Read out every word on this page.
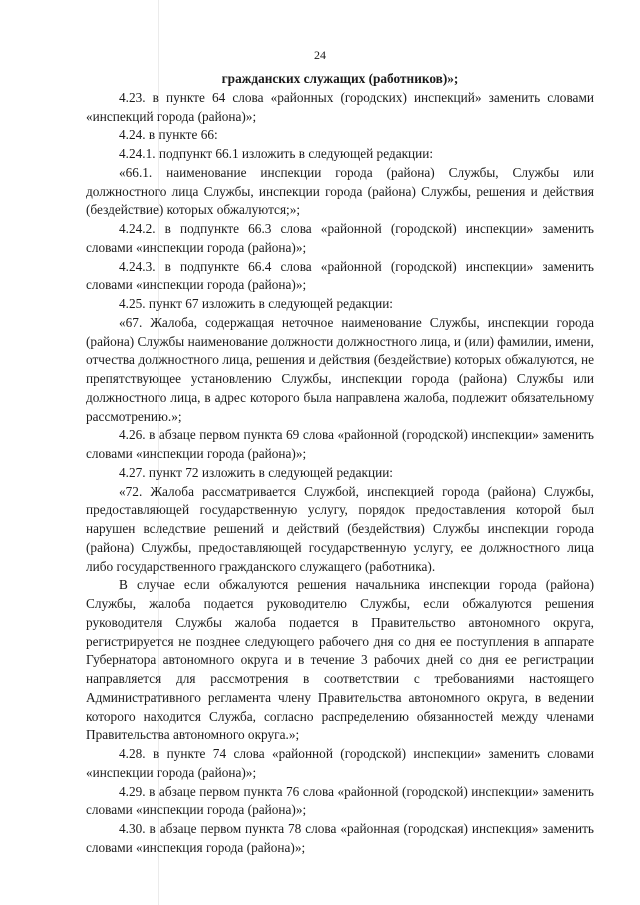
24

гражданских служащих (работников)»;

4.23. в пункте 64 слова «районных (городских) инспекций» заменить словами «инспекций города (района)»;

4.24. в пункте 66:

4.24.1. подпункт 66.1 изложить в следующей редакции:

«66.1. наименование инспекции города (района) Службы, Службы или должностного лица Службы, инспекции города (района) Службы, решения и действия (бездействие) которых обжалуются;»;

4.24.2. в подпункте 66.3 слова «районной (городской) инспекции» заменить словами «инспекции города (района)»;

4.24.3. в подпункте 66.4 слова «районной (городской) инспекции» заменить словами «инспекции города (района)»;

4.25. пункт 67 изложить в следующей редакции:

«67. Жалоба, содержащая неточное наименование Службы, инспекции города (района) Службы наименование должности должностного лица, и (или) фамилии, имени, отчества должностного лица, решения и действия (бездействие) которых обжалуются, не препятствующее установлению Службы, инспекции города (района) Службы или должностного лица, в адрес которого была направлена жалоба, подлежит обязательному рассмотрению.»;

4.26. в абзаце первом пункта 69 слова «районной (городской) инспекции» заменить словами «инспекции города (района)»;

4.27. пункт 72 изложить в следующей редакции:

«72. Жалоба рассматривается Службой, инспекцией города (района) Службы, предоставляющей государственную услугу, порядок предоставления которой был нарушен вследствие решений и действий (бездействия) Службы инспекции города (района) Службы, предоставляющей государственную услугу, ее должностного лица либо государственного гражданского служащего (работника).

В случае если обжалуются решения начальника инспекции города (района) Службы, жалоба подается руководителю Службы, если обжалуются решения руководителя Службы жалоба подается в Правительство автономного округа, регистрируется не позднее следующего рабочего дня со дня ее поступления в аппарате Губернатора автономного округа и в течение 3 рабочих дней со дня ее регистрации направляется для рассмотрения в соответствии с требованиями настоящего Административного регламента члену Правительства автономного округа, в ведении которого находится Служба, согласно распределению обязанностей между членами Правительства автономного округа.»;

4.28. в пункте 74 слова «районной (городской) инспекции» заменить словами «инспекции города (района)»;

4.29. в абзаце первом пункта 76 слова «районной (городской) инспекции» заменить словами «инспекции города (района)»;

4.30. в абзаце первом пункта 78 слова «районная (городская) инспекция» заменить словами «инспекция города (района)»;
